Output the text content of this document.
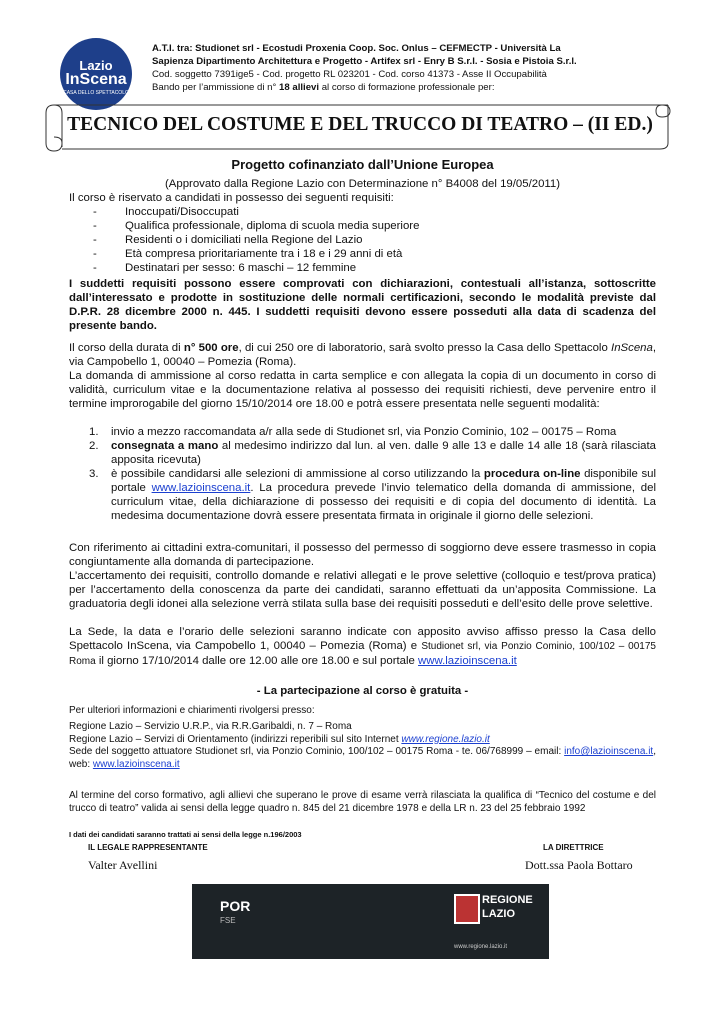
Lazio
InScena
CASA DELLO SPETTACOLO
A.T.I. tra: Studionet srl - Ecostudi Proxenia Coop. Soc. Onlus – CEFMECTP - Università La
Sapienza Dipartimento Architettura e Progetto - Artifex srl - Enry B S.r.l. - Sosia e Pistoia S.r.l.
Cod. soggetto 7391ige5 - Cod. progetto RL 023201 - Cod. corso 41373 - Asse II Occupabilità
Bando per l’ammissione di n° 18 allievi al corso di formazione professionale per:
TECNICO DEL COSTUME E DEL TRUCCO DI TEATRO – (II ED.)
Progetto cofinanziato dall’Unione Europea
(Approvato dalla Regione Lazio con Determinazione n° B4008 del 19/05/2011)
Il corso è riservato a candidati in possesso dei seguenti requisiti:
- Inoccupati/Disoccupati
- Qualifica professionale, diploma di scuola media superiore
- Residenti o i domiciliati nella Regione del Lazio
- Età compresa prioritariamente tra i 18 e i 29 anni di età
- Destinatari per sesso: 6 maschi – 12 femmine
I suddetti requisiti possono essere comprovati con dichiarazioni, contestuali all’istanza, sottoscritte dall’interessato e prodotte in sostituzione delle normali certificazioni, secondo le modalità previste dal D.P.R. 28 dicembre 2000 n. 445. I suddetti requisiti devono essere posseduti alla data di scadenza del presente bando.
Il corso della durata di n° 500 ore, di cui 250 ore di laboratorio, sarà svolto presso la Casa dello Spettacolo InScena, via Campobello 1, 00040 – Pomezia (Roma).
La domanda di ammissione al corso redatta in carta semplice e con allegata la copia di un documento in corso di validità, curriculum vitae e la documentazione relativa al possesso dei requisiti richiesti, deve pervenire entro il termine improrogabile del giorno 15/10/2014 ore 18.00 e potrà essere presentata nelle seguenti modalità:
1. invio a mezzo raccomandata a/r alla sede di Studionet srl, via Ponzio Cominio, 102 – 00175 – Roma
2. consegnata a mano al medesimo indirizzo dal lun. al ven. dalle 9 alle 13 e dalle 14 alle 18 (sarà rilasciata apposita ricevuta)
3. è possibile candidarsi alle selezioni di ammissione al corso utilizzando la procedura on-line disponibile sul portale www.lazioinscena.it. La procedura prevede l’invio telematico della domanda di ammissione, del curriculum vitae, della dichiarazione di possesso dei requisiti e di copia del documento di identità. La medesima documentazione dovrà essere presentata firmata in originale il giorno delle selezioni.
Con riferimento ai cittadini extra-comunitari, il possesso del permesso di soggiorno deve essere trasmesso in copia congiuntamente alla domanda di partecipazione.
L’accertamento dei requisiti, controllo domande e relativi allegati e le prove selettive (colloquio e test/prova pratica) per l’accertamento della conoscenza da parte dei candidati, saranno effettuati da un’apposita Commissione. La graduatoria degli idonei alla selezione verrà stilata sulla base dei requisiti posseduti e dell’esito delle prove selettive.
La Sede, la data e l’orario delle selezioni saranno indicate con apposito avviso affisso presso la Casa dello Spettacolo InScena, via Campobello 1, 00040 – Pomezia (Roma) e Studionet srl, via Ponzio Cominio, 100/102 – 00175 Roma il giorno 17/10/2014 dalle ore 12.00 alle ore 18.00 e sul portale www.lazioinscena.it
- La partecipazione al corso è gratuita -
Per ulteriori informazioni e chiarimenti rivolgersi presso:
Regione Lazio – Servizio U.R.P., via R.R.Garibaldi, n. 7 – Roma
Regione Lazio – Servizi di Orientamento (indirizzi reperibili sul sito Internet www.regione.lazio.it
Sede del soggetto attuatore Studionet srl, via Ponzio Cominio, 100/102 – 00175 Roma - te. 06/768999 – email: info@lazioinscena.it, web: www.lazioinscena.it
Al termine del corso formativo, agli allievi che superano le prove di esame verrà rilasciata la qualifica di “Tecnico del costume e del trucco di teatro” valida ai sensi della legge quadro n. 845 del 21 dicembre 1978 e della LR n. 23 del 25 febbraio 1992
I dati dei candidati saranno trattati ai sensi della legge n.196/2003
IL LEGALE RAPPRESENTANTE
Valter Avellini
LA DIRETTRICE
Dott.ssa Paola Bottaro
POR
FSE
REGIONE
LAZIO
www.regione.lazio.it
